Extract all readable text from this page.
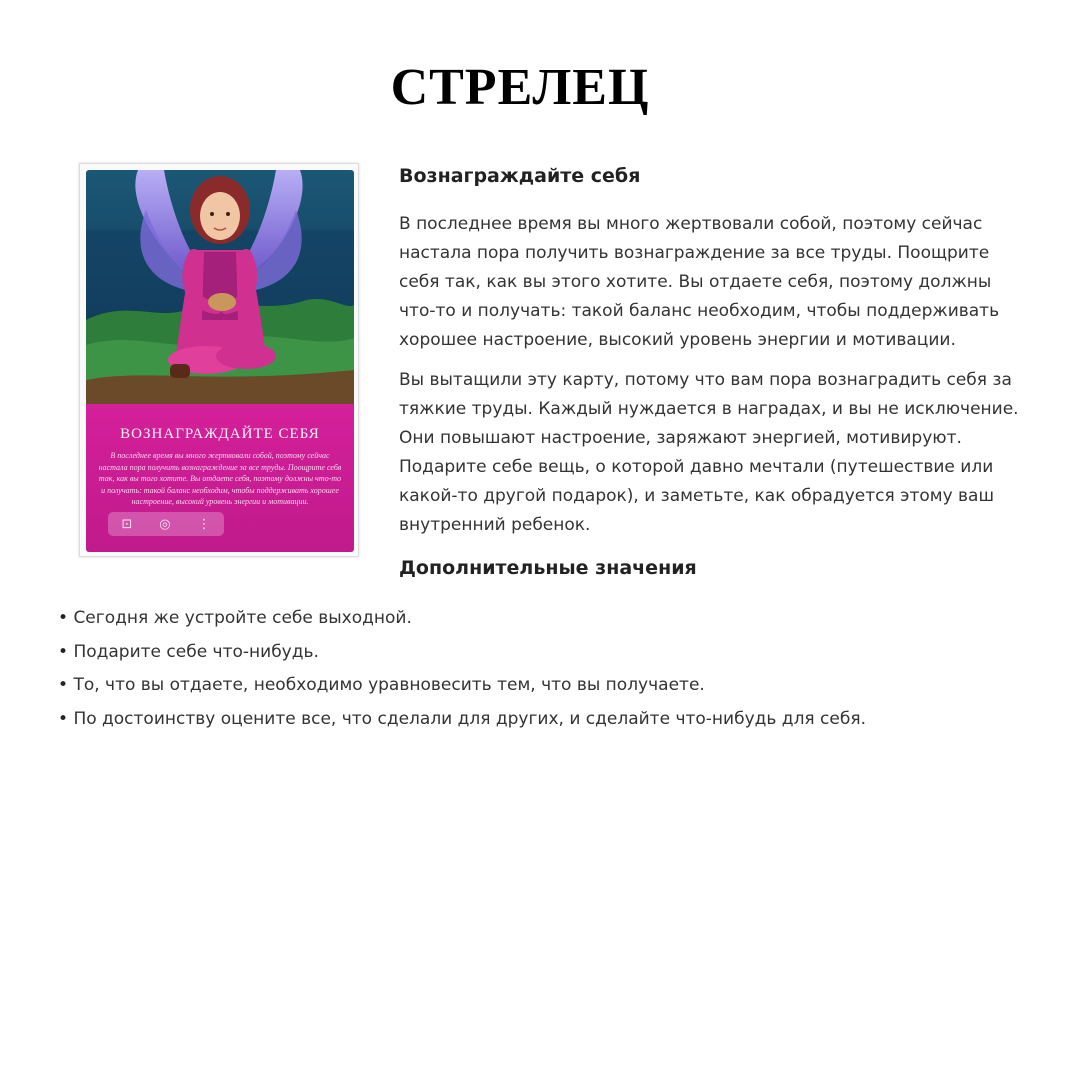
СТРЕЛЕЦ
ВОЗНАГРАЖДАЙТЕ СЕБЯ
В последнее время вы много жертвовали собой, поэтому сейчас настала пора получить вознаграждение за все труды. Поощрите себя так, как вы того хотите. Вы отдаете себя, поэтому должны что-то и получать: такой баланс необходим, чтобы поддерживать хорошее настроение, высокий уровень энергии и мотивации.
⊡ ◎ ⋮
Вознаграждайте себя

В последнее время вы много жертвовали собой, поэтому сейчас настала пора получить вознаграждение за все труды. Поощрите себя так, как вы этого хотите. Вы отдаете себя, поэтому должны что-то и получать: такой баланс необходим, чтобы поддерживать хорошее настроение, высокий уровень энергии и мотивации.

Вы вытащили эту карту, потому что вам пора вознаградить себя за тяжкие труды. Каждый нуждается в наградах, и вы не исключение. Они повышают настроение, заряжают энергией, мотивируют. Подарите себе вещь, о которой давно мечтали (путешествие или какой-то другой подарок), и заметьте, как обрадуется этому ваш внутренний ребенок.

Дополнительные значения
• Сегодня же устройте себе выходной.
• Подарите себе что-нибудь.
• То, что вы отдаете, необходимо уравновесить тем, что вы получаете.
• По достоинству оцените все, что сделали для других, и сделайте что-нибудь для себя.
